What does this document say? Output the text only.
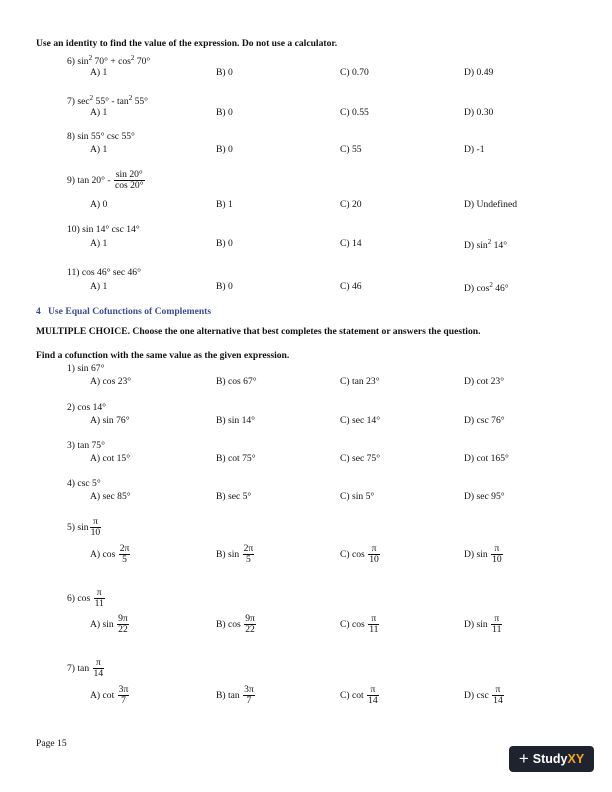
Use an identity to find the value of the expression. Do not use a calculator.
6) $\sin^2 70^\circ + \cos^2 70^\circ$
A) 1	B) 0	C) 0.70	D) 0.49
7) $\sec^2 55^\circ - \tan^2 55^\circ$
A) 1	B) 0	C) 0.55	D) 0.30
8) sin 55° csc 55°
A) 1	B) 0	C) 55	D) -1
9) $\tan 20^\circ - \frac{\sin 20^\circ}{\cos 20^\circ}$
A) 0	B) 1	C) 20	D) Undefined
10) sin 14° csc 14°
A) 1	B) 0	C) 14	D) $\sin^2 14^\circ$
11) cos 46° sec 46°
A) 1	B) 0	C) 46	D) $\cos^2 46^\circ$
4 Use Equal Cofunctions of Complements
MULTIPLE CHOICE. Choose the one alternative that best completes the statement or answers the question.
Find a cofunction with the same value as the given expression.
1) sin 67°
A) cos 23°	B) cos 67°	C) tan 23°	D) cot 23°
2) cos 14°
A) sin 76°	B) sin 14°	C) sec 14°	D) csc 76°
3) tan 75°
A) cot 15°	B) cot 75°	C) sec 75°	D) cot 165°
4) csc 5°
A) sec 85°	B) sec 5°	C) sin 5°	D) sec 95°
5) $\sin \frac{\pi}{10}$
A) $\cos \frac{2\pi}{5}$	B) $\sin \frac{2\pi}{5}$	C) $\cos \frac{\pi}{10}$	D) $\sin \frac{\pi}{10}$
6) $\cos \frac{\pi}{11}$
A) $\sin \frac{9\pi}{22}$	B) $\cos \frac{9\pi}{22}$	C) $\cos \frac{\pi}{11}$	D) $\sin \frac{\pi}{11}$
7) $\tan \frac{\pi}{14}$
A) $\cot \frac{3\pi}{7}$	B) $\tan \frac{3\pi}{7}$	C) $\cot \frac{\pi}{14}$	D) $\csc \frac{\pi}{14}$
Page 15
+ StudyXY
